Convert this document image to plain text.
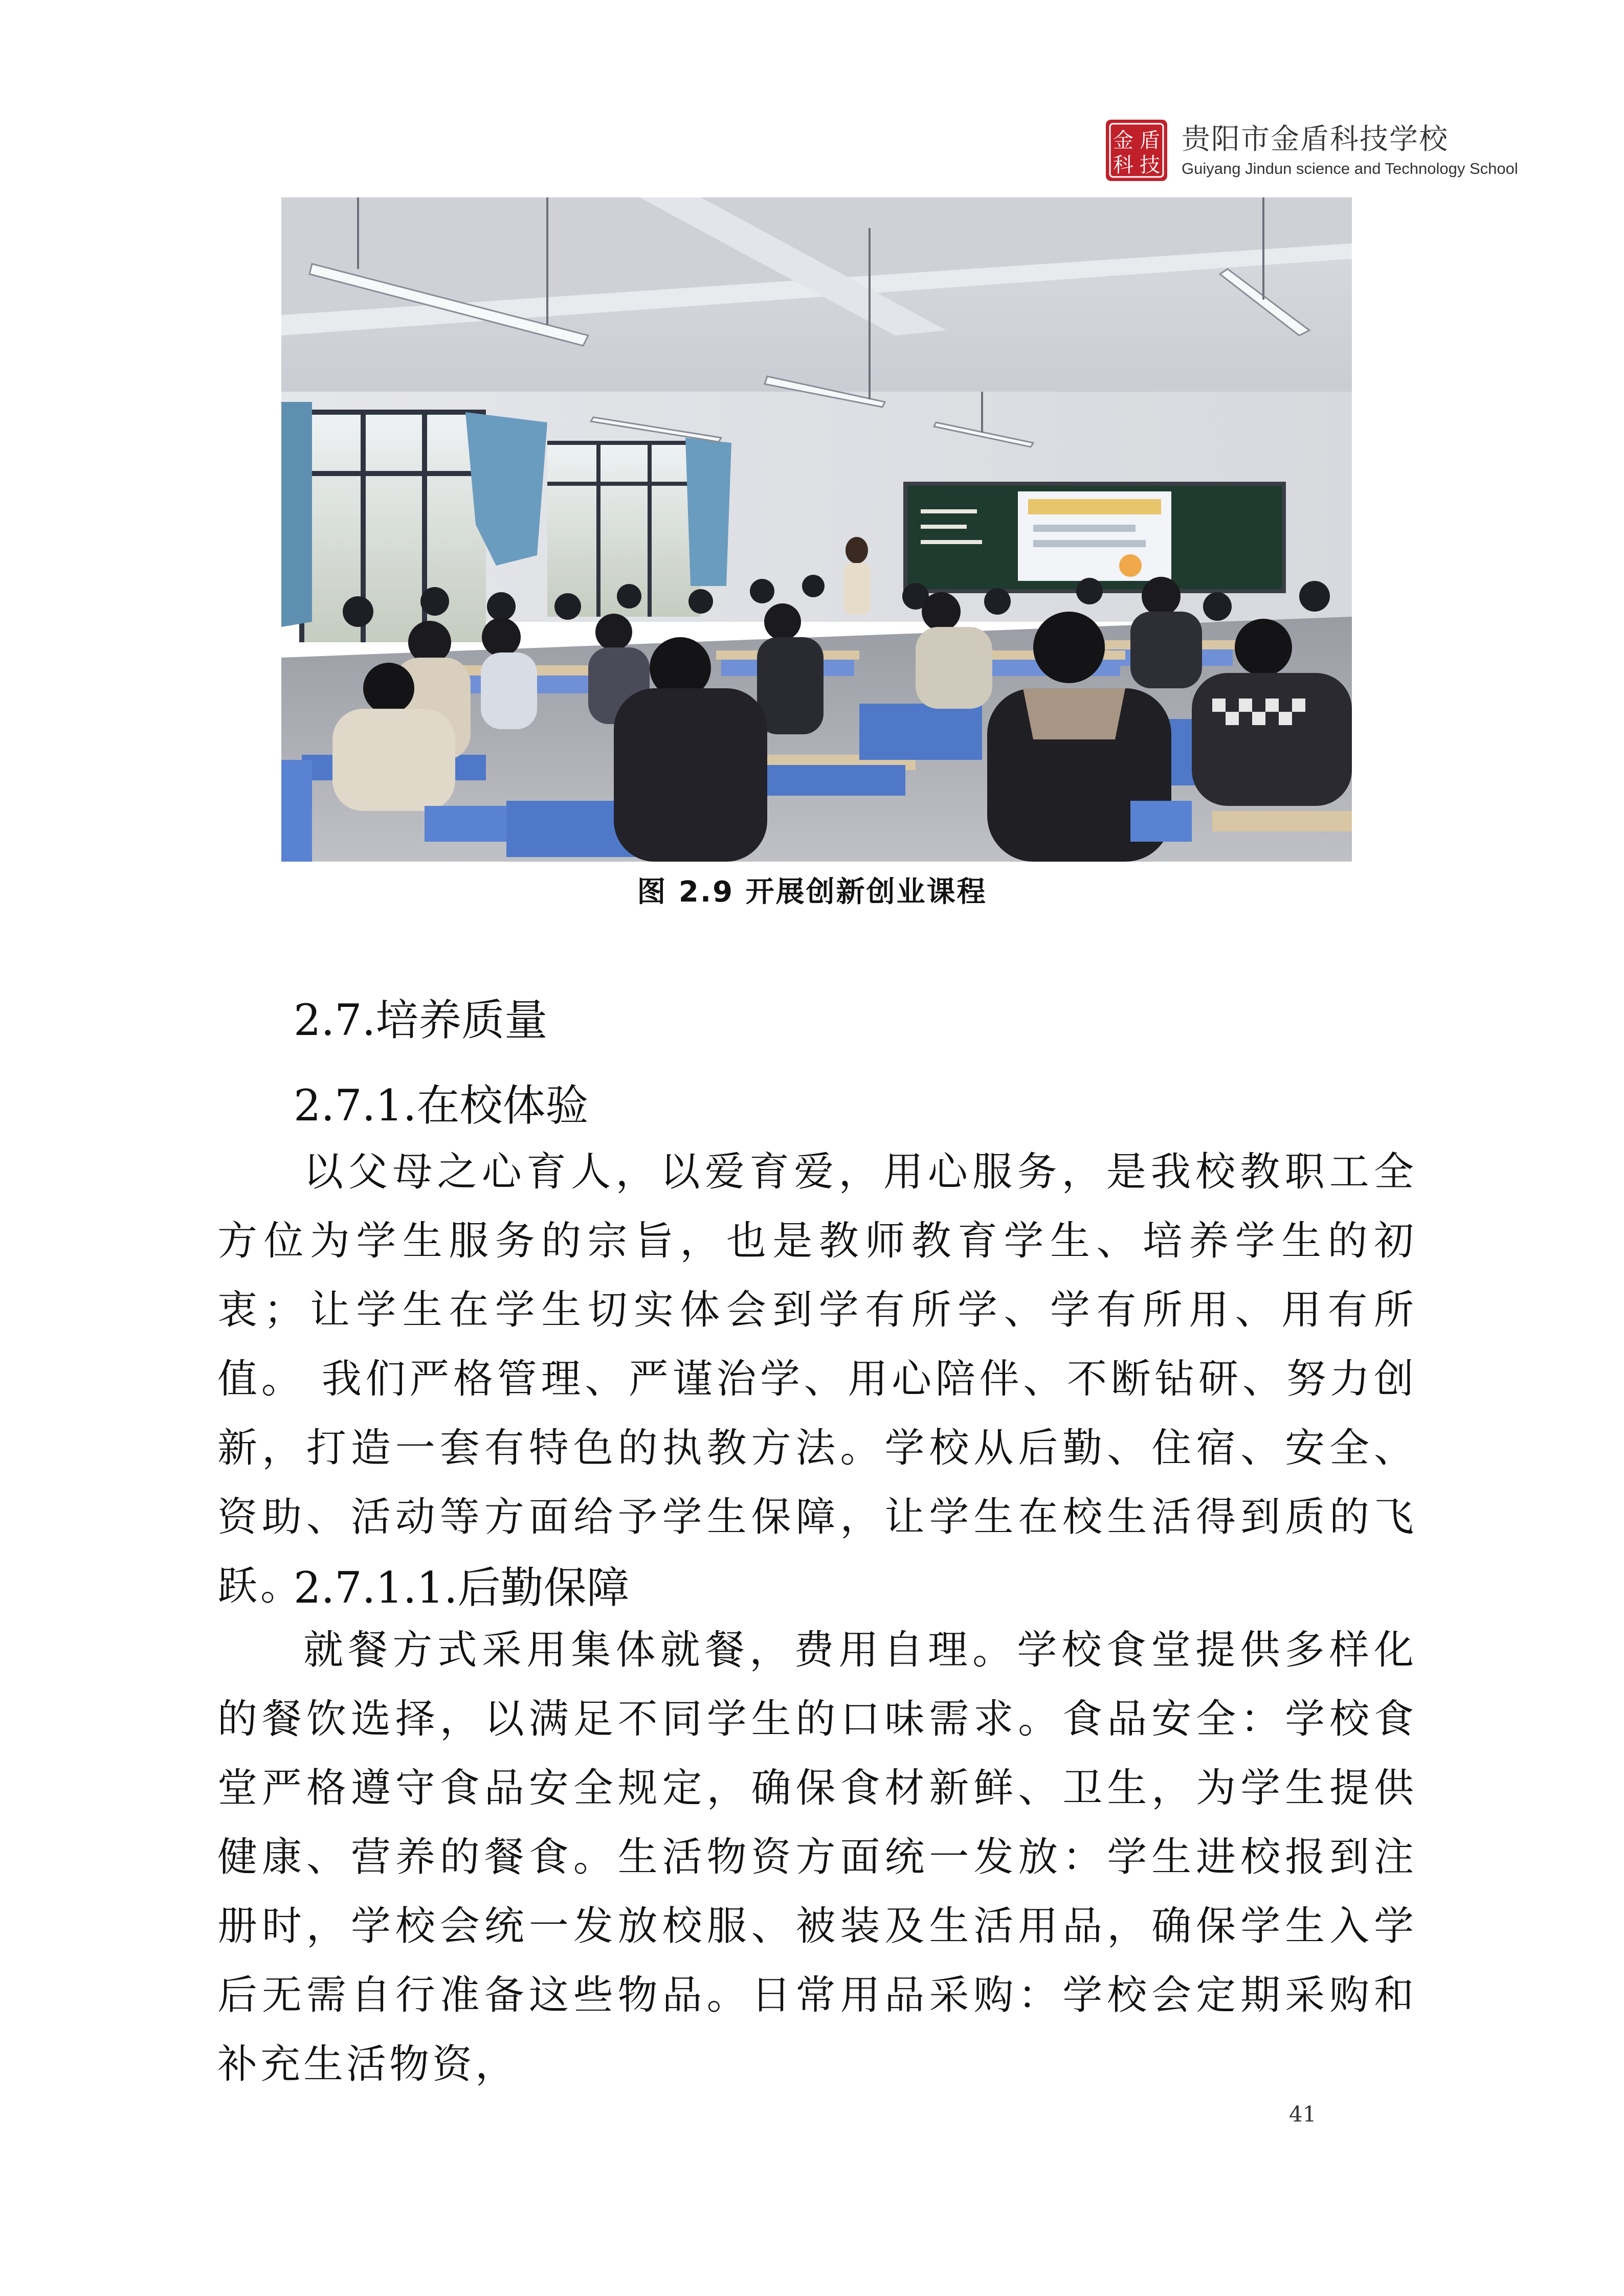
金 盾
科 技
贵阳市金盾科技学校
Guiyang Jindun science and Technology School
图 2.9 开展创新创业课程
2.7.培养质量
2.7.1.在校体验

以父母之心育人，以爱育爱，用心服务，是我校教职工全方位为学生服务的宗旨，也是教师教育学生、培养学生的初衷；让学生在学生切实体会到学有所学、学有所用、用有所值。 我们严格管理、严谨治学、用心陪伴、不断钻研、努力创新，打造一套有特色的执教方法。学校从后勤、住宿、安全、资助、活动等方面给予学生保障，让学生在校生活得到质的飞跃。

2.7.1.1.后勤保障

就餐方式采用集体就餐，费用自理。学校食堂提供多样化的餐饮选择，以满足不同学生的口味需求。食品安全：学校食堂严格遵守食品安全规定，确保食材新鲜、卫生，为学生提供健康、营养的餐食。生活物资方面统一发放：学生进校报到注册时，学校会统一发放校服、被装及生活用品，确保学生入学后无需自行准备这些物品。日常用品采购：学校会定期采购和补充生活物资，

41
